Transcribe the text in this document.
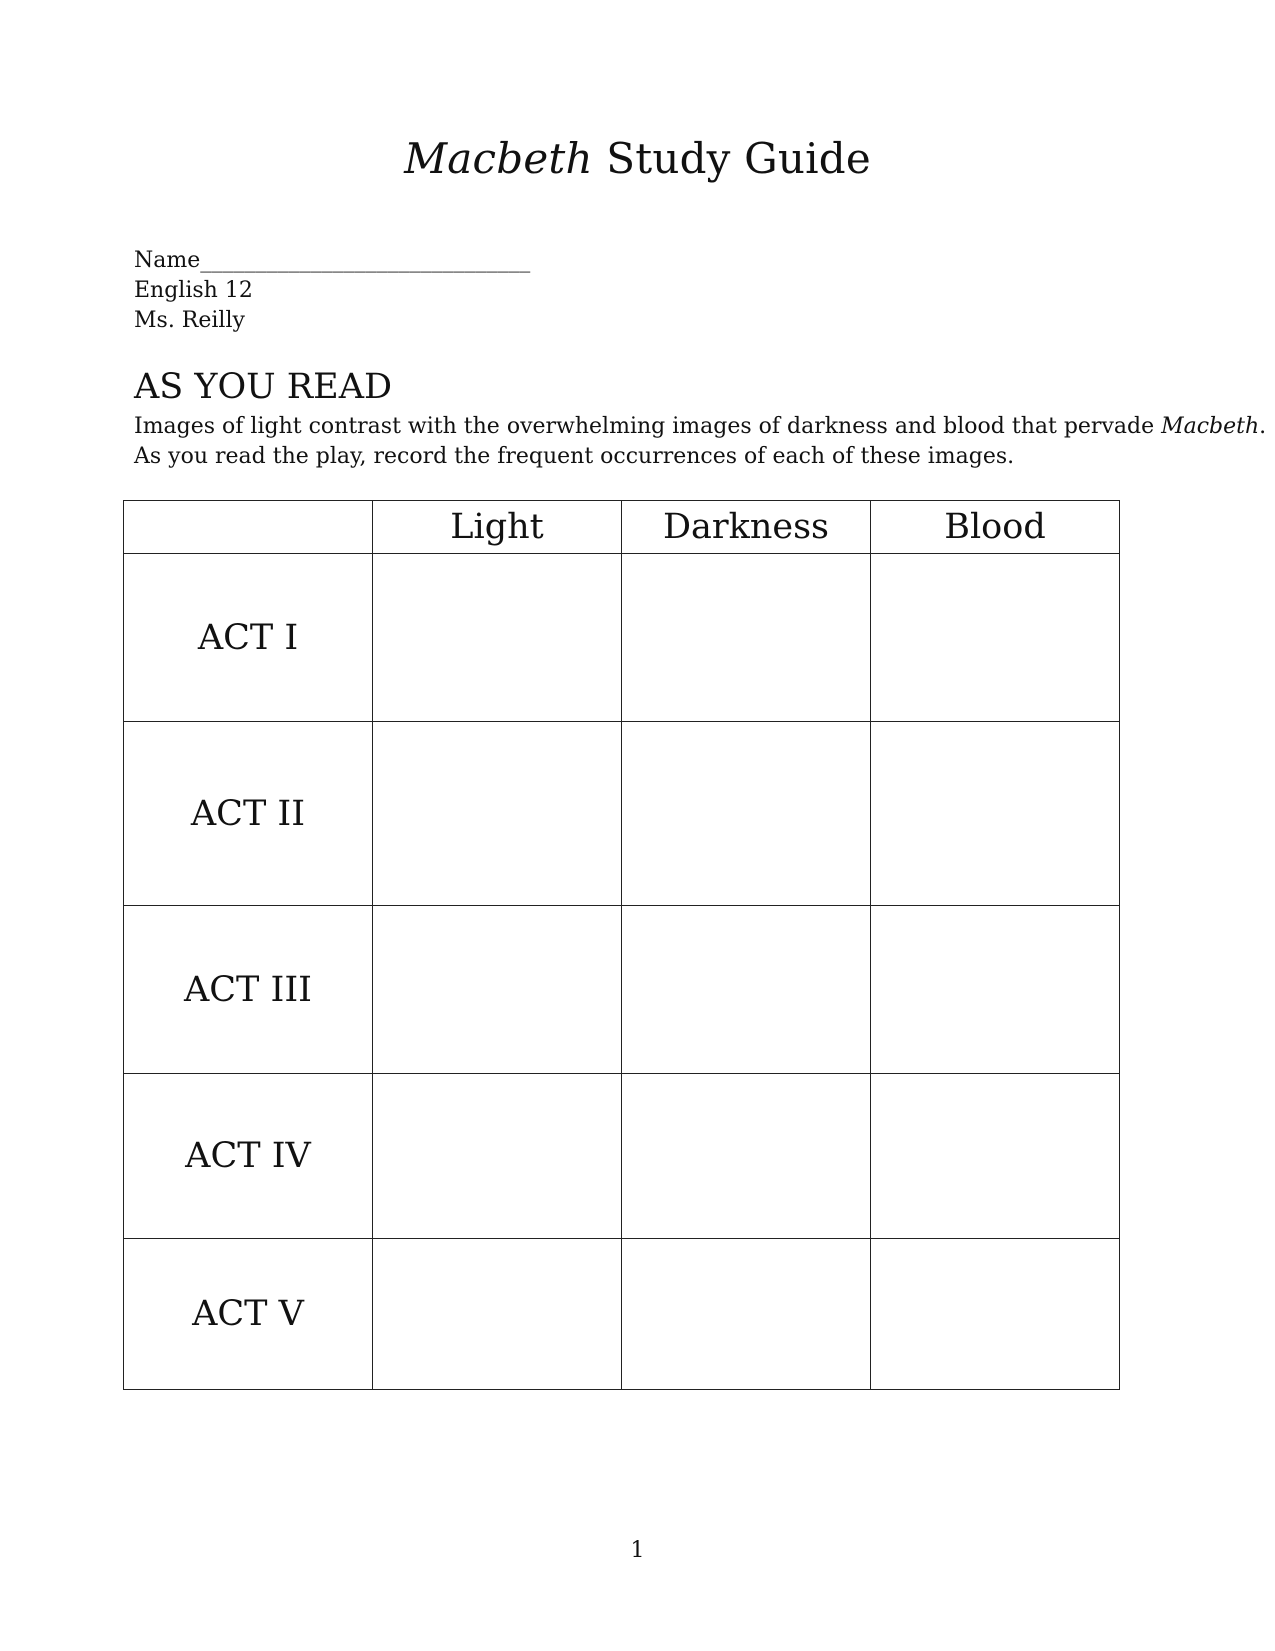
Macbeth Study Guide
Name______________________________
English 12
Ms. Reilly
AS YOU READ
Images of light contrast with the overwhelming images of darkness and blood that pervade Macbeth.
As you read the play, record the frequent occurrences of each of these images.
	Light	Darkness	Blood
ACT I			
ACT II			
ACT III			
ACT IV			
ACT V			
1
